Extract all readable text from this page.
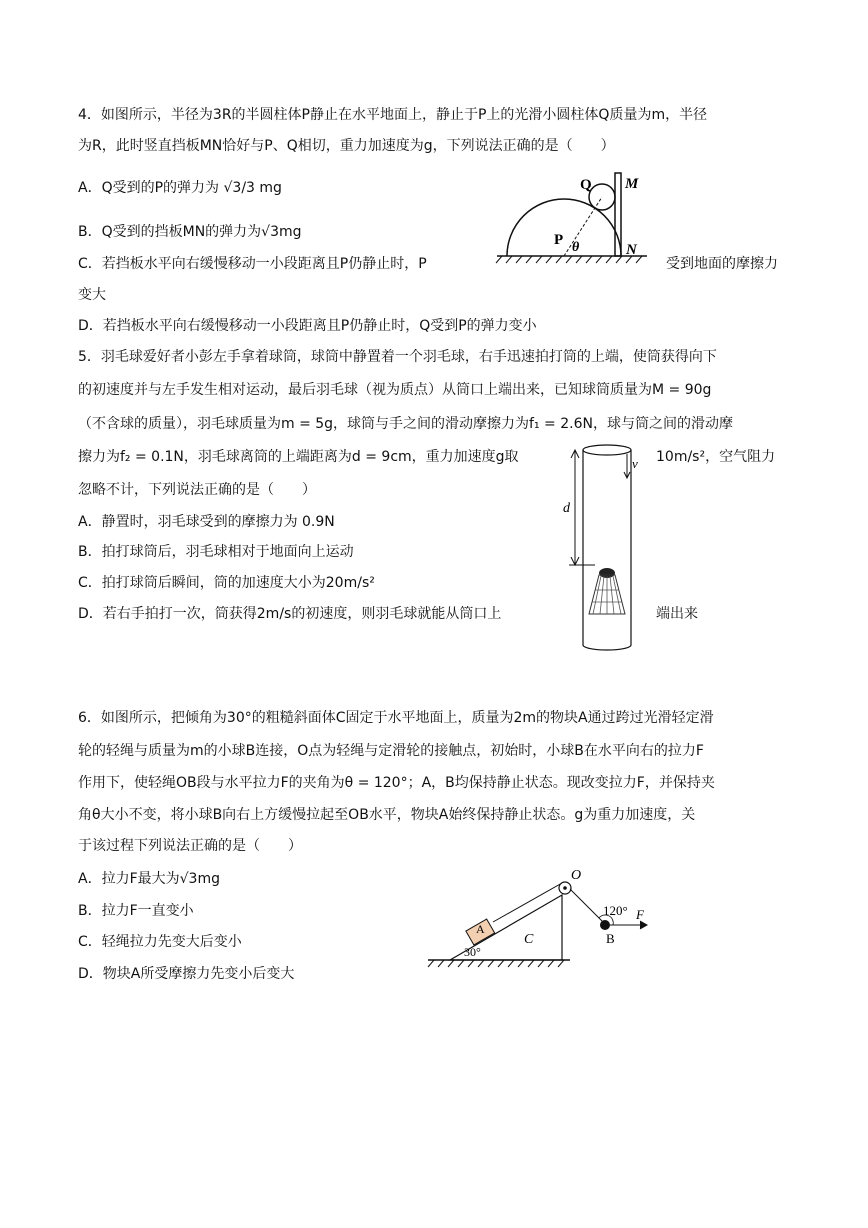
4．如图所示，半径为3R的半圆柱体P静止在水平地面上，静止于P上的光滑小圆柱体Q质量为m，半径
为R，此时竖直挡板MN恰好与P、Q相切，重力加速度为g，下列说法正确的是（　　）
A．Q受到的P的弹力为 √3/3 mg
B．Q受到的挡板MN的弹力为√3mg
C．若挡板水平向右缓慢移动一小段距离且P仍静止时，P	受到地面的摩擦力
变大
D．若挡板水平向右缓慢移动一小段距离且P仍静止时，Q受到P的弹力变小
Q M
P θ	N
5．羽毛球爱好者小彭左手拿着球筒，球筒中静置着一个羽毛球，右手迅速拍打筒的上端，使筒获得向下
的初速度并与左手发生相对运动，最后羽毛球（视为质点）从筒口上端出来，已知球筒质量为M = 90g
（不含球的质量），羽毛球质量为m = 5g，球筒与手之间的滑动摩擦力为f₁ = 2.6N，球与筒之间的滑动摩
擦力为f₂ = 0.1N，羽毛球离筒的上端距离为d = 9cm，重力加速度g取	10m/s²，空气阻力
忽略不计，下列说法正确的是（　　）
A．静置时，羽毛球受到的摩擦力为 0.9N
B．拍打球筒后，羽毛球相对于地面向上运动
C．拍打球筒后瞬间，筒的加速度大小为20m/s²
D．若右手拍打一次，筒获得2m/s的初速度，则羽毛球就能从筒口上	端出来
d
v
6．如图所示，把倾角为30°的粗糙斜面体C固定于水平地面上，质量为2m的物块A通过跨过光滑轻定滑
轮的轻绳与质量为m的小球B连接，O点为轻绳与定滑轮的接触点，初始时，小球B在水平向右的拉力F
作用下，使轻绳OB段与水平拉力F的夹角为θ = 120°；A，B均保持静止状态。现改变拉力F，并保持夹
角θ大小不变，将小球B向右上方缓慢拉起至OB水平，物块A始终保持静止状态。g为重力加速度，关
于该过程下列说法正确的是（　　）
A．拉力F最大为√3mg
B．拉力F一直变小
C．轻绳拉力先变大后变小
D．物块A所受摩擦力先变小后变大
A
O
120° F
C	B
30°
